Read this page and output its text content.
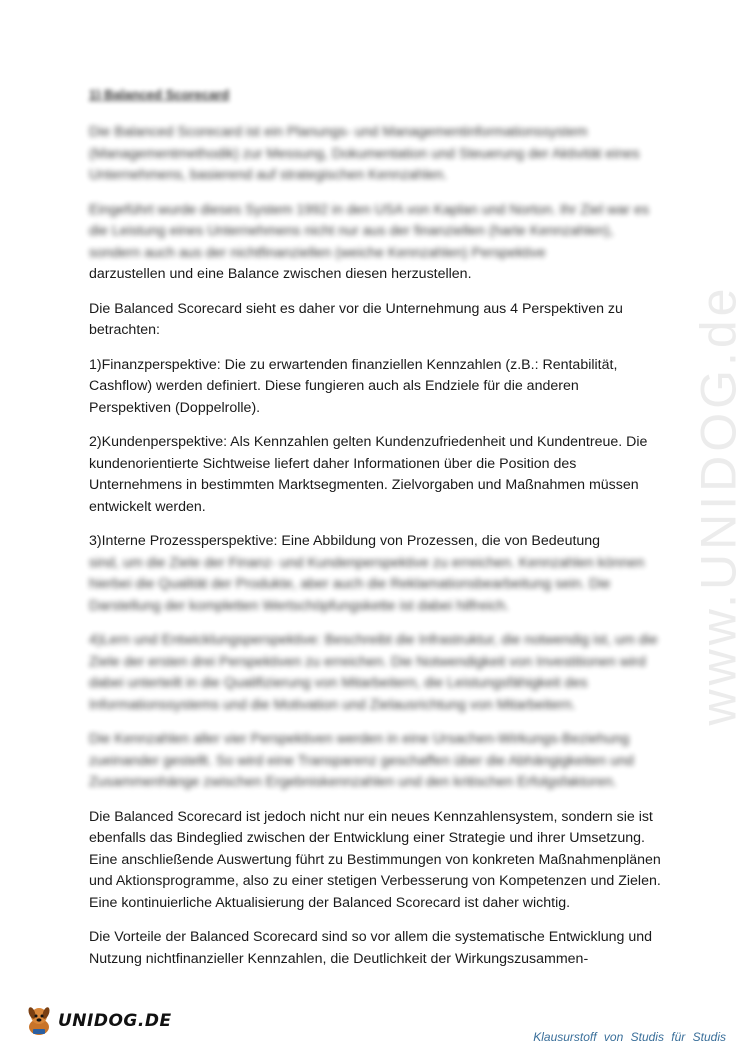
www.UNIDOG.de
1) Balanced Scorecard

Die Balanced Scorecard ist ein Planungs- und Managementinformationssystem (Managementmethodik) zur Messung, Dokumentation und Steuerung der Aktivität eines Unternehmens, basierend auf strategischen Kennzahlen.

Eingeführt wurde dieses System 1992 in den USA von Kaplan und Norton. Ihr Ziel war es die Leistung eines Unternehmens nicht nur aus der finanziellen (harte Kennzahlen), sondern auch aus der nichtfinanziellen (weiche Kennzahlen) Perspektive
darzustellen und eine Balance zwischen diesen herzustellen.

Die Balanced Scorecard sieht es daher vor die Unternehmung aus 4 Perspektiven zu betrachten:

1)Finanzperspektive: Die zu erwartenden finanziellen Kennzahlen (z.B.: Rentabilität, Cashflow) werden definiert. Diese fungieren auch als Endziele für die anderen Perspektiven (Doppelrolle).

2)Kundenperspektive: Als Kennzahlen gelten Kundenzufriedenheit und Kundentreue. Die kundenorientierte Sichtweise liefert daher Informationen über die Position des Unternehmens in bestimmten Marktsegmenten. Zielvorgaben und Maßnahmen müssen entwickelt werden.

3)Interne Prozessperspektive: Eine Abbildung von Prozessen, die von Bedeutung
sind, um die Ziele der Finanz- und Kundenperspektive zu erreichen. Kennzahlen können hierbei die Qualität der Produkte, aber auch die Reklamationsbearbeitung sein. Die Darstellung der kompletten Wertschöpfungskette ist dabei hilfreich.

4)Lern und Entwicklungsperspektive: Beschreibt die Infrastruktur, die notwendig ist, um die Ziele der ersten drei Perspektiven zu erreichen. Die Notwendigkeit von Investitionen wird dabei unterteilt in die Qualifizierung von Mitarbeitern, die Leistungsfähigkeit des Informationssystems und die Motivation und Zielausrichtung von Mitarbeitern.

Die Kennzahlen aller vier Perspektiven werden in eine Ursachen-Wirkungs-Beziehung zueinander gestellt. So wird eine Transparenz geschaffen über die Abhängigkeiten und Zusammenhänge zwischen Ergebniskennzahlen und den kritischen Erfolgsfaktoren.

Die Balanced Scorecard ist jedoch nicht nur ein neues Kennzahlensystem, sondern sie ist ebenfalls das Bindeglied zwischen der Entwicklung einer Strategie und ihrer Umsetzung. Eine anschließende Auswertung führt zu Bestimmungen von konkreten Maßnahmenplänen und Aktionsprogramme, also zu einer stetigen Verbesserung von Kompetenzen und Zielen. Eine kontinuierliche Aktualisierung der Balanced Scorecard ist daher wichtig.

Die Vorteile der Balanced Scorecard sind so vor allem die systematische Entwicklung und Nutzung nichtfinanzieller Kennzahlen, die Deutlichkeit der Wirkungszusammen-

UNIDOG.DE
Klausurstoff von Studis für Studis
